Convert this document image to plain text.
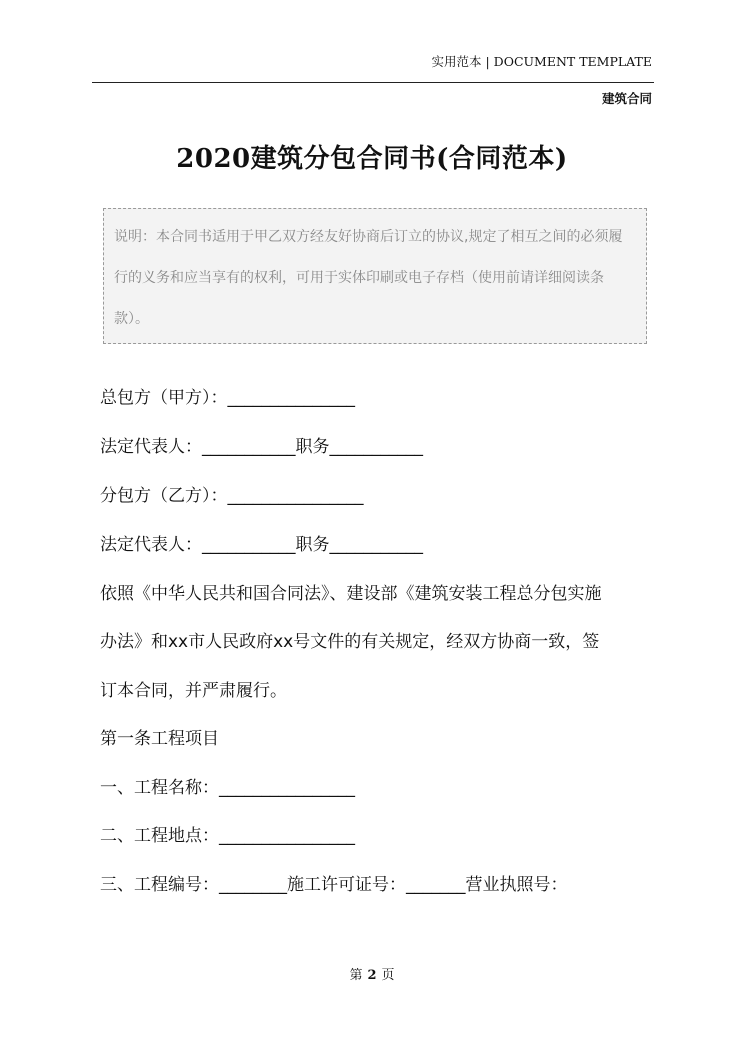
实用范本 | DOCUMENT TEMPLATE
建筑合同
2020建筑分包合同书(合同范本)
说明：本合同书适用于甲乙双方经友好协商后订立的协议,规定了相互之间的必须履行的义务和应当享有的权利，可用于实体印刷或电子存档（使用前请详细阅读条款）。
总包方（甲方）：_______________
法定代表人：___________职务___________
分包方（乙方）：________________
法定代表人：___________职务___________
依照《中华人民共和国合同法》、建设部《建筑安装工程总分包实施
办法》和xx市人民政府xx号文件的有关规定，经双方协商一致，签
订本合同，并严肃履行。
第一条工程项目
一、工程名称：________________
二、工程地点：________________
三、工程编号：________施工许可证号：_______营业执照号：
第 2 页
